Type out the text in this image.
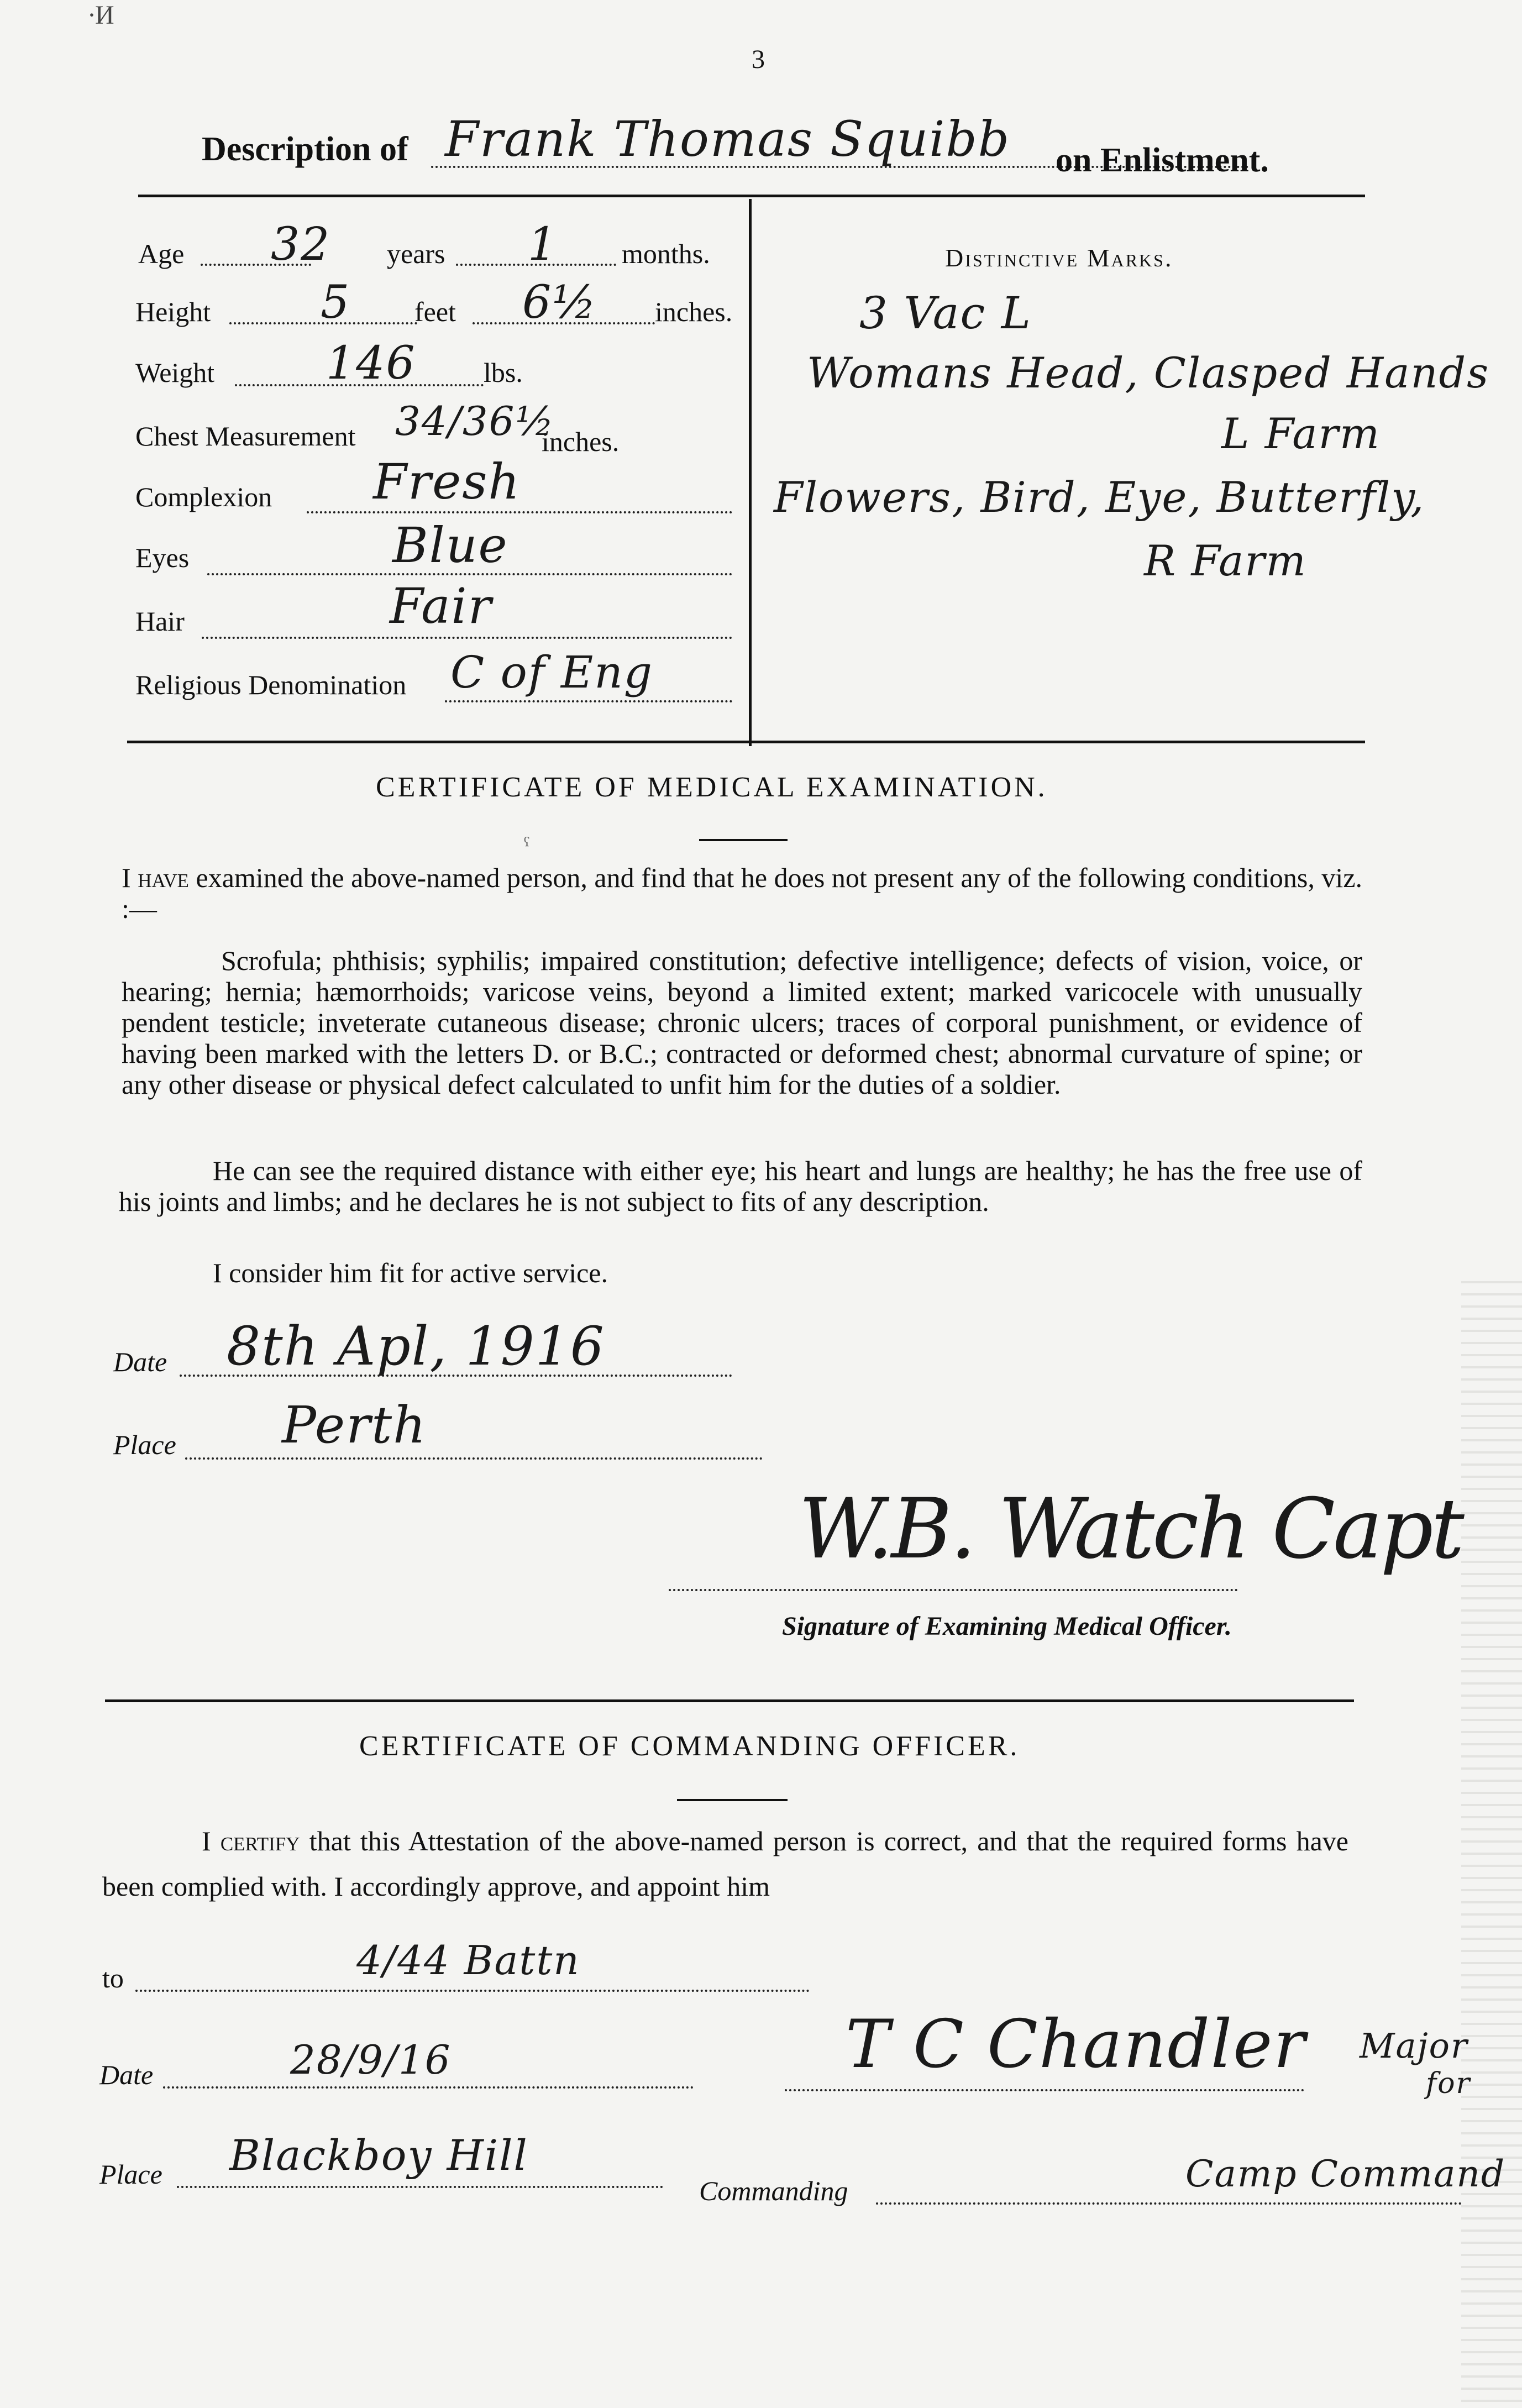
∙И
3
Description of Frank Thomas Squibb on Enlistment.
Age 32 years 1 months.
Height 5 feet 6½ inches.
Weight 146 lbs.
Chest Measurement 34/36½
inches.
Complexion Fresh
Eyes	Blue
Hair	Fair
Religious Denomination C of Eng
Distinctive Marks.
3 Vac L
Womans Head, Clasped Hands
L Farm
Flowers, Bird, Eye, Butterfly,
R Farm
CERTIFICATE OF MEDICAL EXAMINATION.
ˁ
I have examined the above-named person, and find that he does not present any of the following conditions, viz. :—
Scrofula; phthisis; syphilis; impaired constitution; defective intelligence; defects of vision, voice, or hearing; hernia; hæmorrhoids; varicose veins, beyond a limited extent; marked varicocele with unusually pendent testicle; inveterate cutaneous disease; chronic ulcers; traces of corporal punishment, or evidence of having been marked with the letters D. or B.C.; contracted or deformed chest; abnormal curvature of spine; or any other disease or physical defect calculated to unfit him for the duties of a soldier.
He can see the required distance with either eye; his heart and lungs are healthy; he has the free use of his joints and limbs; and he declares he is not subject to fits of any description.
I consider him fit for active service.
Date 8th Apl, 1916
Place Perth
W.B. Watch Capt
Signature of Examining Medical Officer.
CERTIFICATE OF COMMANDING OFFICER.
I certify that this Attestation of the above-named person is correct, and that the required forms have been complied with. I accordingly approve, and appoint him
to	4/44 Battn
Date	28/9/16	T C Chandler Major
for
Place Blackboy Hill
Commanding	Camp Command
